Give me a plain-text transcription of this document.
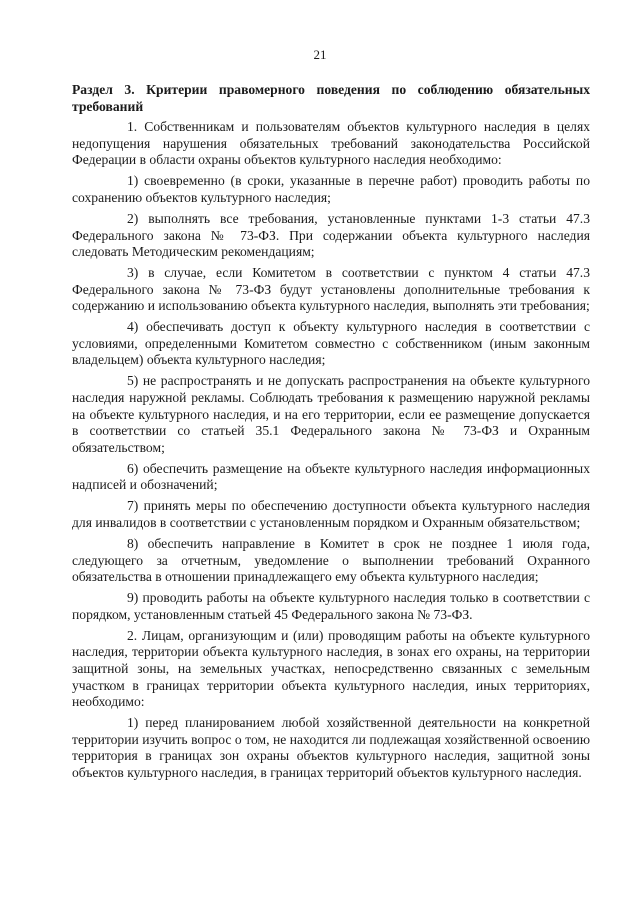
21

Раздел 3. Критерии правомерного поведения по соблюдению обязательных требований

1. Собственникам и пользователям объектов культурного наследия в целях недопущения нарушения обязательных требований законодательства Российской Федерации в области охраны объектов культурного наследия необходимо:

1) своевременно (в сроки, указанные в перечне работ) проводить работы по сохранению объектов культурного наследия;

2) выполнять все требования, установленные пунктами 1-3 статьи 47.3 Федерального закона № 73-ФЗ. При содержании объекта культурного наследия следовать Методическим рекомендациям;

3) в случае, если Комитетом в соответствии с пунктом 4 статьи 47.3 Федерального закона № 73-ФЗ будут установлены дополнительные требования к содержанию и использованию объекта культурного наследия, выполнять эти требования;

4) обеспечивать доступ к объекту культурного наследия в соответствии с условиями, определенными Комитетом совместно с собственником (иным законным владельцем) объекта культурного наследия;

5) не распространять и не допускать распространения на объекте культурного наследия наружной рекламы. Соблюдать требования к размещению наружной рекламы на объекте культурного наследия, и на его территории, если ее размещение допускается в соответствии со статьей 35.1 Федерального закона № 73-ФЗ и Охранным обязательством;

6) обеспечить размещение на объекте культурного наследия информационных надписей и обозначений;

7) принять меры по обеспечению доступности объекта культурного наследия для инвалидов в соответствии с установленным порядком и Охранным обязательством;

8) обеспечить направление в Комитет в срок не позднее 1 июля года, следующего за отчетным, уведомление о выполнении требований Охранного обязательства в отношении принадлежащего ему объекта культурного наследия;

9) проводить работы на объекте культурного наследия только в соответствии с порядком, установленным статьей 45 Федерального закона № 73-ФЗ.

2. Лицам, организующим и (или) проводящим работы на объекте культурного наследия, территории объекта культурного наследия, в зонах его охраны, на территории защитной зоны, на земельных участках, непосредственно связанных с земельным участком в границах территории объекта культурного наследия, иных территориях, необходимо:

1) перед планированием любой хозяйственной деятельности на конкретной территории изучить вопрос о том, не находится ли подлежащая хозяйственной освоению территория в границах зон охраны объектов культурного наследия, защитной зоны объектов культурного наследия, в границах территорий объектов культурного наследия.
